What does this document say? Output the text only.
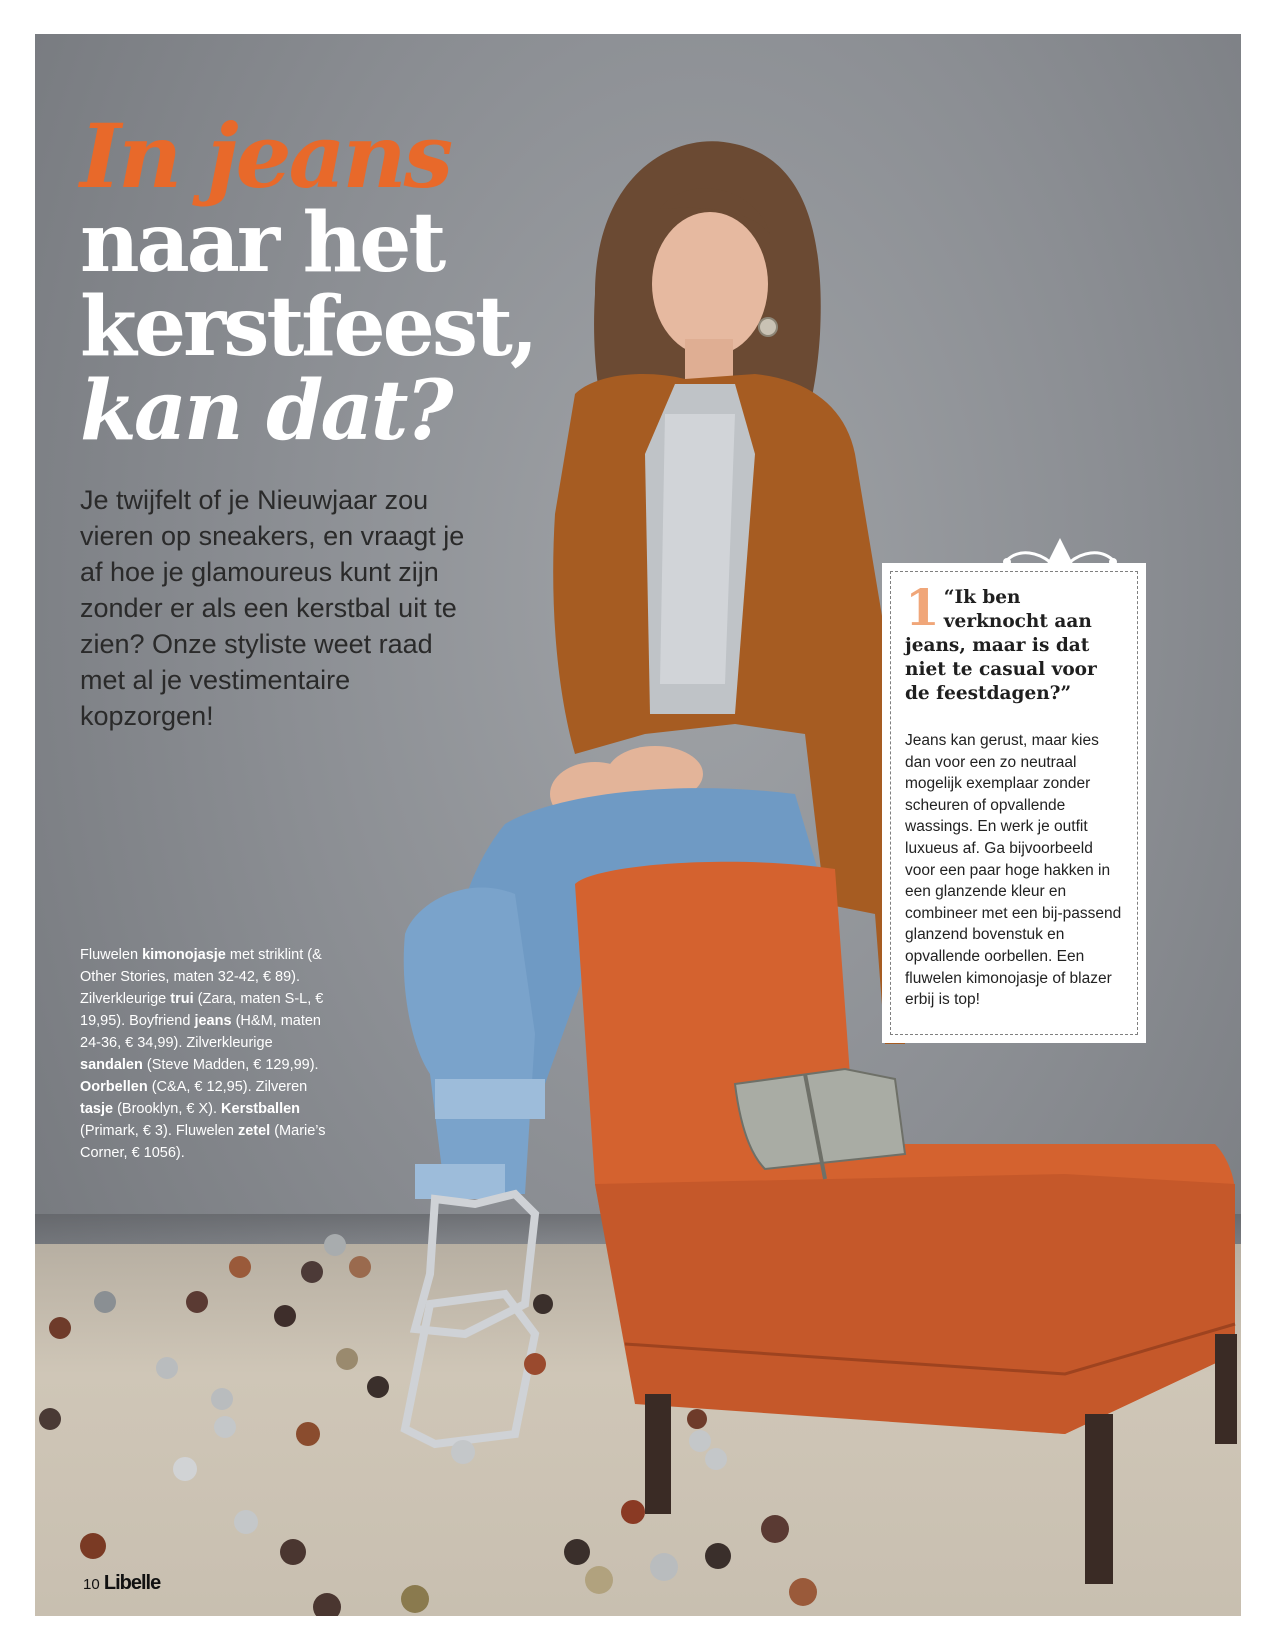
In jeans
naar het
kerstfeest,
kan dat?
Je twijfelt of je Nieuwjaar zou vieren op sneakers, en vraagt je af hoe je glamoureus kunt zijn zonder er als een kerstbal uit te zien? Onze styliste weet raad met al je vestimentaire kopzorgen!
Fluwelen kimonojasje met striklint (& Other Stories, maten 32-42, € 89). Zilverkleurige trui (Zara, maten S-L, € 19,95). Boyfriend jeans (H&M, maten 24-36, € 34,99). Zilverkleurige sandalen (Steve Madden, € 129,99). Oorbellen (C&A, € 12,95). Zilveren tasje (Brooklyn, € X). Kerstballen (Primark, € 3). Fluwelen zetel (Marie’s Corner, € 1056).
1 “Ik ben verknocht aan jeans, maar is dat niet te casual voor de feestdagen?”
Jeans kan gerust, maar kies dan voor een zo neutraal mogelijk exemplaar zonder scheuren of opvallende wassings. En werk je outfit luxueus af. Ga bijvoorbeeld voor een paar hoge hakken in een glanzende kleur en combineer met een bij-passend glanzend bovenstuk en opvallende oorbellen. Een fluwelen kimonojasje of blazer erbij is top!
10 Libelle
